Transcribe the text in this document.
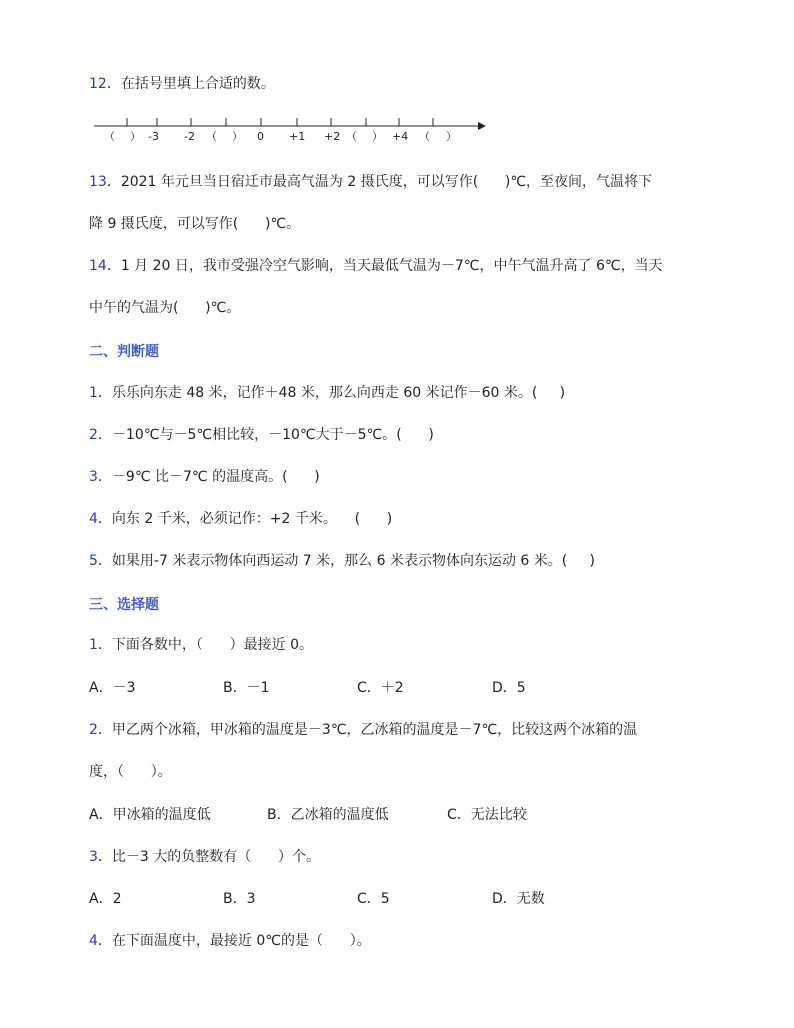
12．在括号里填上合适的数。
（ ） -3 -2 （ ） 0 +1 +2 （ ） +4 （ ）
13．2021 年元旦当日宿迁市最高气温为 2 摄氏度，可以写作(      )℃，至夜间，气温将下
降 9 摄氏度，可以写作(      )℃。
14．1 月 20 日，我市受强冷空气影响，当天最低气温为－7℃，中午气温升高了 6℃，当天
中午的气温为(      )℃。
二、判断题
1．乐乐向东走 48 米，记作＋48 米，那么向西走 60 米记作－60 米。(     )
2．－10℃与－5℃相比较，－10℃大于－5℃。(      )
3．－9℃ 比－7℃ 的温度高。(      )
4．向东 2 千米，必须记作：+2 千米。    (      )
5．如果用-7 米表示物体向西运动 7 米，那么 6 米表示物体向东运动 6 米。(     )
三、选择题
1．下面各数中，（      ）最接近 0。
A．－3	B．－1	C．＋2	D．5
2．甲乙两个冰箱，甲冰箱的温度是－3℃，乙冰箱的温度是－7℃，比较这两个冰箱的温
度，（      ）。
A．甲冰箱的温度低	B．乙冰箱的温度低	C．无法比较
3．比－3 大的负整数有（      ）个。
A．2	B．3	C．5	D．无数
4．在下面温度中，最接近 0℃的是（      ）。
